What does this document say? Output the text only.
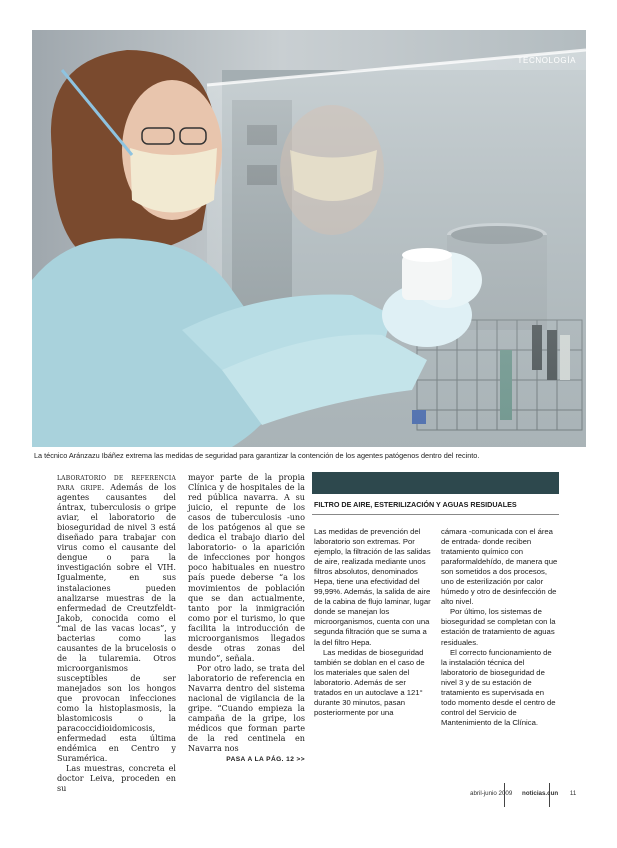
TECNOLOGÍA
La técnico Aránzazu Ibáñez extrema las medidas de seguridad para garantizar la contención de los agentes patógenos dentro del recinto.

laboratorio de referencia para gripe. Además de los agentes causantes del ántrax, tuberculosis o gripe aviar, el laboratorio de bioseguridad de nivel 3 está diseñado para trabajar con virus como el causante del dengue o para la investigación sobre el VIH. Igualmente, en sus instalaciones pueden analizarse muestras de la enfermedad de Creutzfeldt-Jakob, conocida como el “mal de las vacas locas”, y bacterias como las causantes de la brucelosis o de la tularemia. Otros microorganismos susceptibles de ser manejados son los hongos que provocan infecciones como la histoplasmosis, la blastomicosis o la paracoccidioidomicosis, enfermedad esta última endémica en Centro y Suramérica.

Las muestras, concreta el doctor Leiva, proceden en su

mayor parte de la propia Clínica y de hospitales de la red pública navarra. A su juicio, el repunte de los casos de tuberculosis -uno de los patógenos al que se dedica el trabajo diario del laboratorio- o la aparición de infecciones por hongos poco habituales en nuestro país puede deberse “a los movimientos de población que se dan actualmente, tanto por la inmigración como por el turismo, lo que facilita la introducción de microorganismos llegados desde otras zonas del mundo”, señala.

Por otro lado, se trata del laboratorio de referencia en Navarra dentro del sistema nacional de vigilancia de la gripe. “Cuando empieza la campaña de la gripe, los médicos que forman parte de la red centinela en Navarra nos

PASA A LA PÁG. 12 >>
FILTRO DE AIRE, ESTERILIZACIÓN Y AGUAS RESIDUALES

Las medidas de prevención del laboratorio son extremas. Por ejemplo, la filtración de las salidas de aire, realizada mediante unos filtros absolutos, denominados Hepa, tiene una efectividad del 99,99%. Además, la salida de aire de la cabina de flujo laminar, lugar donde se manejan los microorganismos, cuenta con una segunda filtración que se suma a la del filtro Hepa.

Las medidas de bioseguridad también se doblan en el caso de los materiales que salen del laboratorio. Además de ser tratados en un autoclave a 121° durante 30 minutos, pasan posteriormente por una

cámara -comunicada con el área de entrada- donde reciben tratamiento químico con paraformaldehído, de manera que son sometidos a dos procesos, uno de esterilización por calor húmedo y otro de desinfección de alto nivel.

Por último, los sistemas de bioseguridad se completan con la estación de tratamiento de aguas residuales.

El correcto funcionamiento de la instalación técnica del laboratorio de bioseguridad de nivel 3 y de su estación de tratamiento es supervisada en todo momento desde el centro de control del Servicio de Mantenimiento de la Clínica.

abril-junio 2009 noticias.cun 11
